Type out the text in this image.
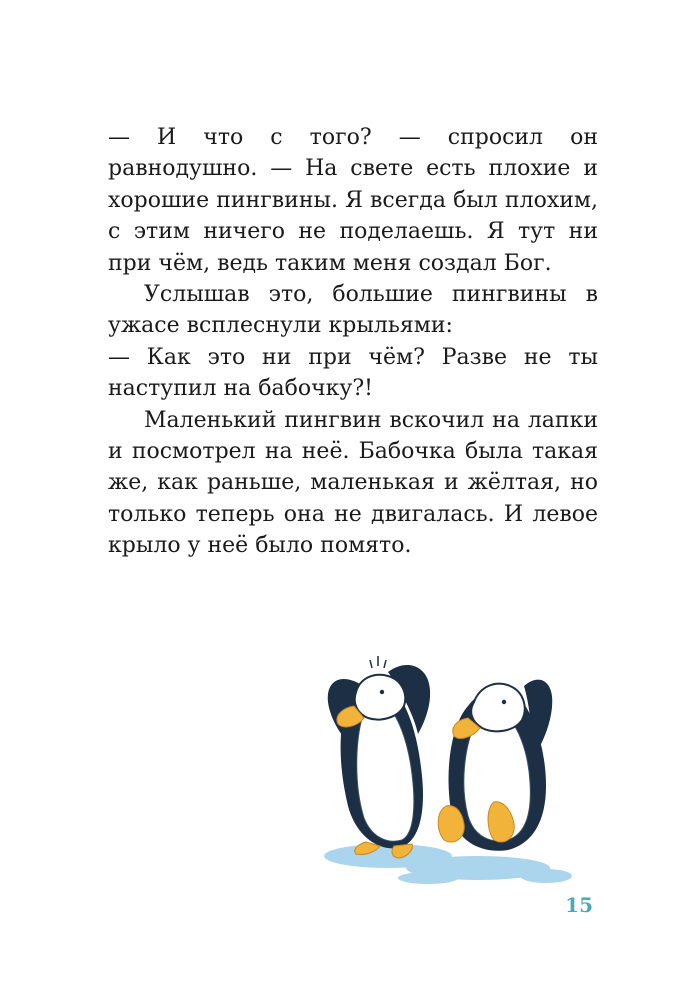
— И что с того? — спросил он равнодушно. — На свете есть плохие и хорошие пингвины. Я всегда был плохим, с этим ничего не поделаешь. Я тут ни при чём, ведь таким меня создал Бог.

Услышав это, большие пингвины в ужасе всплеснули крыльями:

— Как это ни при чём? Разве не ты наступил на бабочку?!

Маленький пингвин вскочил на лапки и посмотрел на неё. Бабочка была такая же, как раньше, маленькая и жёлтая, но только теперь она не двигалась. И левое крыло у неё было помято.

15
